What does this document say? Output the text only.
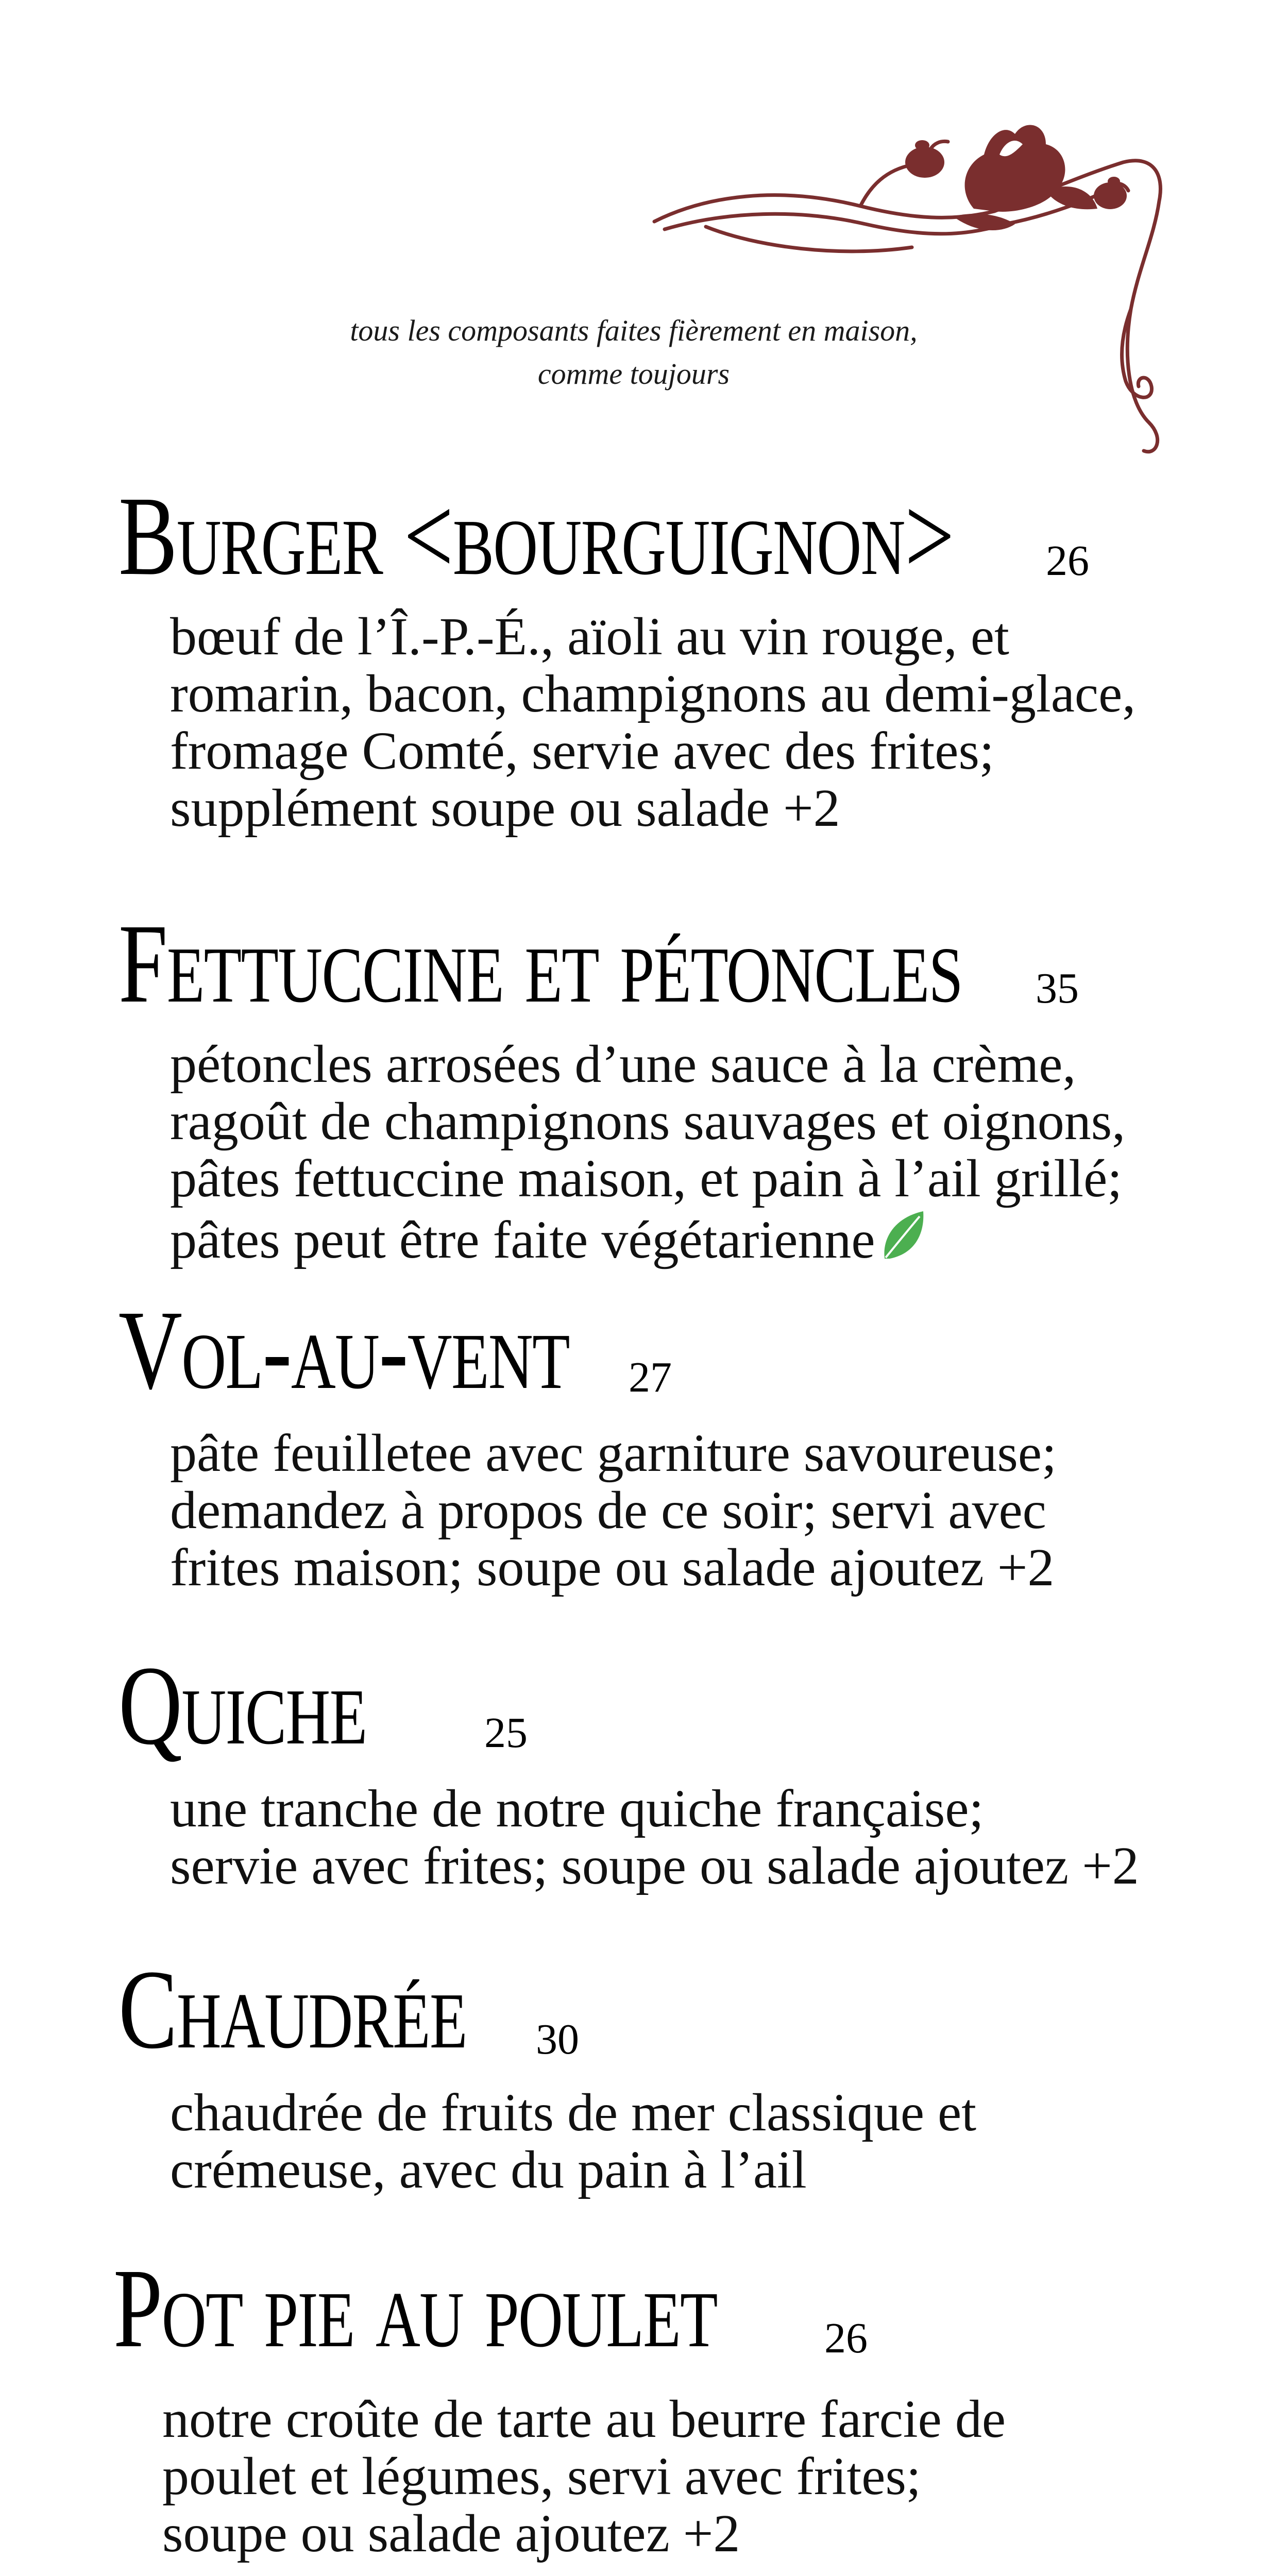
tous les composants faites fièrement en maison,
comme toujours
Burger <bourguignon> 26
bœuf de l’Î.-P.-É., aïoli au vin rouge, et
romarin, bacon, champignons au demi-glace,
fromage Comté, servie avec des frites;
supplément soupe ou salade +2
Fettuccine et pétoncles 35
pétoncles arrosées d’une sauce à la crème,
ragoût de champignons sauvages et oignons,
pâtes fettuccine maison, et pain à l’ail grillé;
pâtes peut être faite végétarienne
Vol-au-vent 27
pâte feuilletee avec garniture savoureuse;
demandez à propos de ce soir; servi avec
frites maison; soupe ou salade ajoutez +2
Quiche	25
une tranche de notre quiche française;
servie avec frites; soupe ou salade ajoutez +2
Chaudrée 30
chaudrée de fruits de mer classique et
crémeuse, avec du pain à l’ail
Pot pie au poulet 26
notre croûte de tarte au beurre farcie de
poulet et légumes, servi avec frites;
soupe ou salade ajoutez +2
